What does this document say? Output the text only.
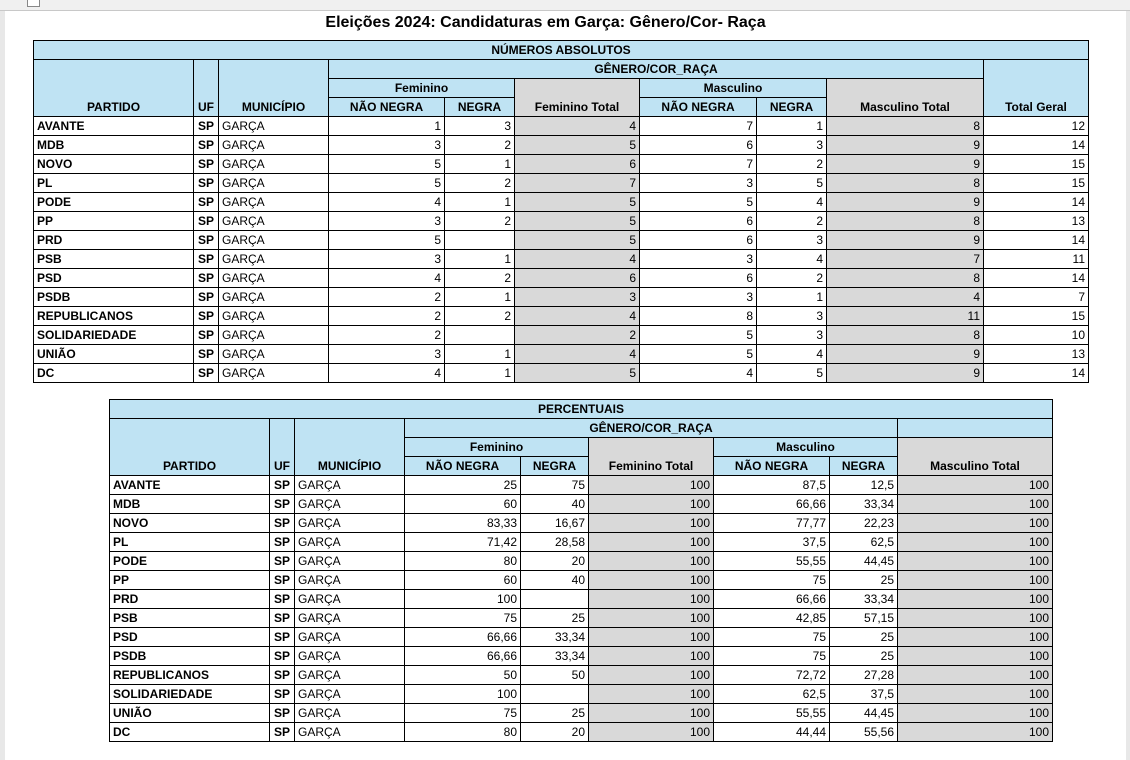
Eleições 2024: Candidaturas em Garça: Gênero/Cor- Raça
NÚMEROS ABSOLUTOS									
PARTIDO	UF	MUNICÍPIO	GÊNERO/COR_RAÇA						Total Geral
			Feminino		Feminino Total	Masculino		Masculino Total	
			NÃO NEGRA	NEGRA		NÃO NEGRA	NEGRA		
AVANTE	SP	GARÇA	1	3	4	7	1	8	12
MDB	SP	GARÇA	3	2	5	6	3	9	14
NOVO	SP	GARÇA	5	1	6	7	2	9	15
PL	SP	GARÇA	5	2	7	3	5	8	15
PODE	SP	GARÇA	4	1	5	5	4	9	14
PP	SP	GARÇA	3	2	5	6	2	8	13
PRD	SP	GARÇA	5		5	6	3	9	14
PSB	SP	GARÇA	3	1	4	3	4	7	11
PSD	SP	GARÇA	4	2	6	6	2	8	14
PSDB	SP	GARÇA	2	1	3	3	1	4	7
REPUBLICANOS	SP	GARÇA	2	2	4	8	3	11	15
SOLIDARIEDADE	SP	GARÇA	2		2	5	3	8	10
UNIÃO	SP	GARÇA	3	1	4	5	4	9	13
DC	SP	GARÇA	4	1	5	4	5	9	14
PERCENTUAIS								
PARTIDO	UF	MUNICÍPIO	GÊNERO/COR_RAÇA					
			Feminino		Feminino Total	Masculino		Masculino Total
			NÃO NEGRA	NEGRA		NÃO NEGRA	NEGRA	
AVANTE	SP	GARÇA	25	75	100	87,5	12,5	100
MDB	SP	GARÇA	60	40	100	66,66	33,34	100
NOVO	SP	GARÇA	83,33	16,67	100	77,77	22,23	100
PL	SP	GARÇA	71,42	28,58	100	37,5	62,5	100
PODE	SP	GARÇA	80	20	100	55,55	44,45	100
PP	SP	GARÇA	60	40	100	75	25	100
PRD	SP	GARÇA	100		100	66,66	33,34	100
PSB	SP	GARÇA	75	25	100	42,85	57,15	100
PSD	SP	GARÇA	66,66	33,34	100	75	25	100
PSDB	SP	GARÇA	66,66	33,34	100	75	25	100
REPUBLICANOS	SP	GARÇA	50	50	100	72,72	27,28	100
SOLIDARIEDADE	SP	GARÇA	100		100	62,5	37,5	100
UNIÃO	SP	GARÇA	75	25	100	55,55	44,45	100
DC	SP	GARÇA	80	20	100	44,44	55,56	100
